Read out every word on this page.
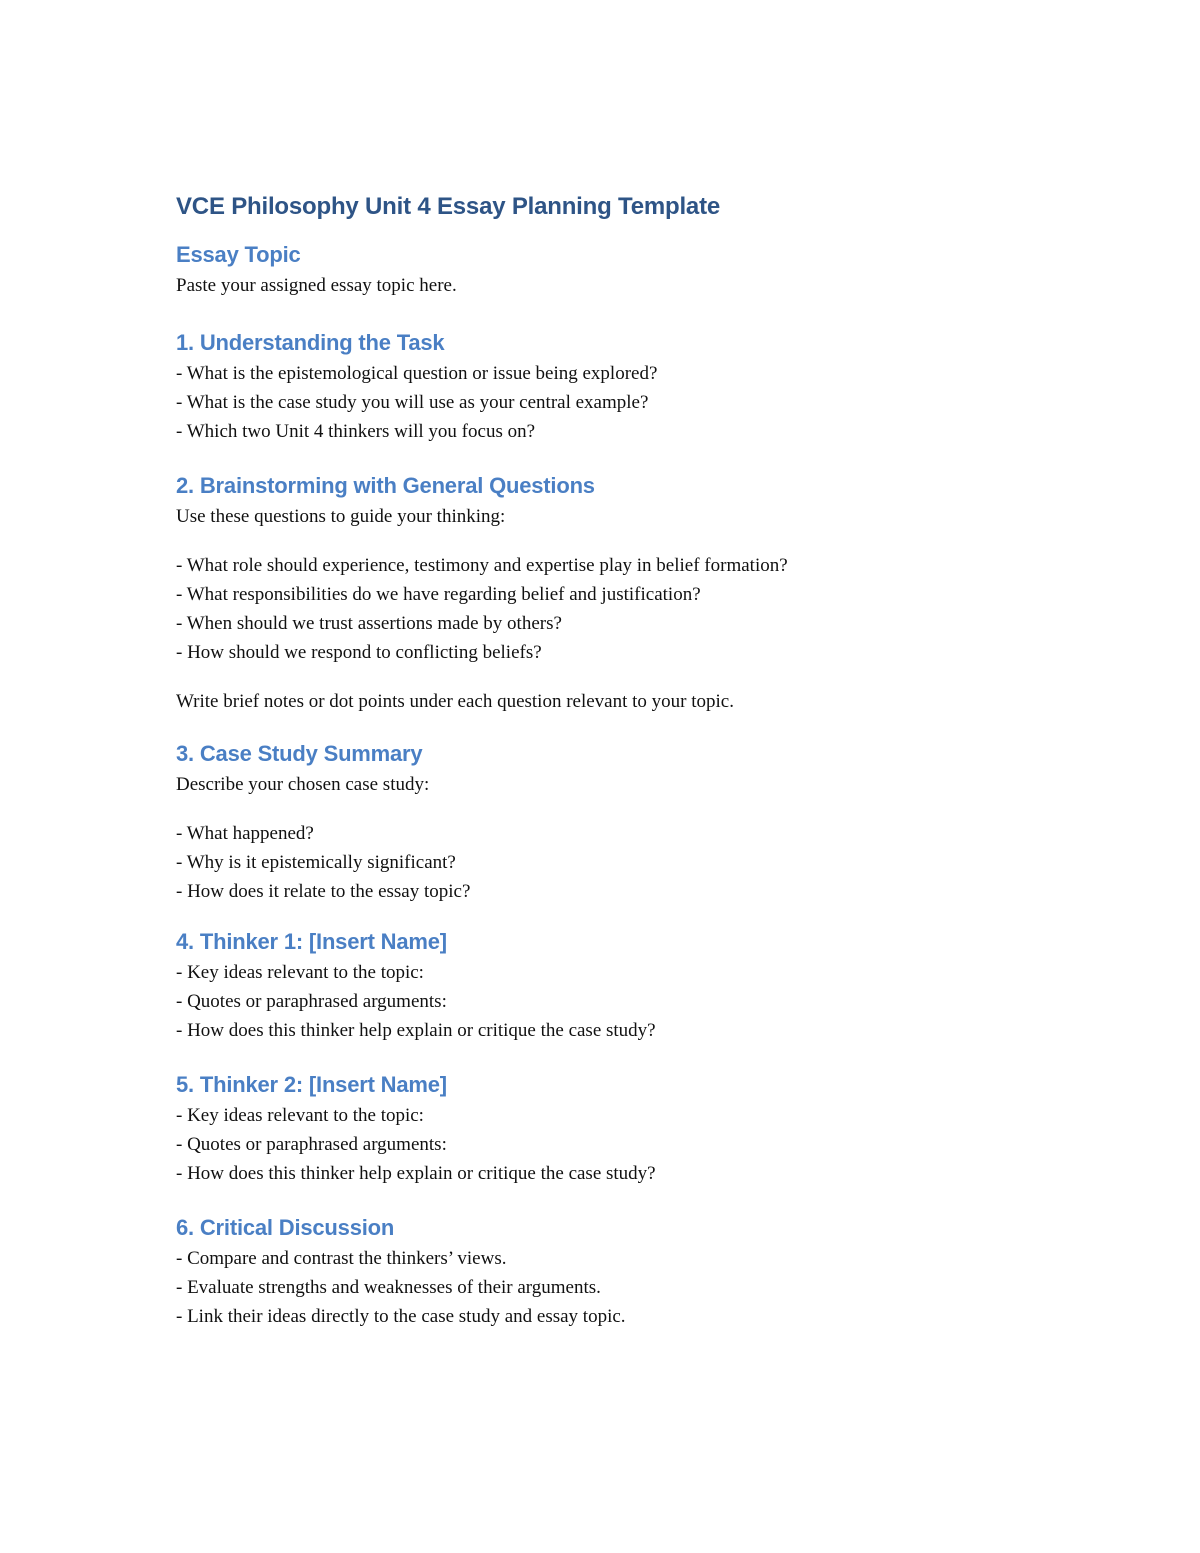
VCE Philosophy Unit 4 Essay Planning Template
Essay Topic

Paste your assigned essay topic here.

1. Understanding the Task
- What is the epistemological question or issue being explored?
- What is the case study you will use as your central example?
- Which two Unit 4 thinkers will you focus on?
2. Brainstorming with General Questions

Use these questions to guide your thinking:

- What role should experience, testimony and expertise play in belief formation?
- What responsibilities do we have regarding belief and justification?
- When should we trust assertions made by others?
- How should we respond to conflicting beliefs?

Write brief notes or dot points under each question relevant to your topic.

3. Case Study Summary

Describe your chosen case study:

- What happened?
- Why is it epistemically significant?
- How does it relate to the essay topic?
4. Thinker 1: [Insert Name]
- Key ideas relevant to the topic:
- Quotes or paraphrased arguments:
- How does this thinker help explain or critique the case study?
5. Thinker 2: [Insert Name]
- Key ideas relevant to the topic:
- Quotes or paraphrased arguments:
- How does this thinker help explain or critique the case study?
6. Critical Discussion
- Compare and contrast the thinkers’ views.
- Evaluate strengths and weaknesses of their arguments.
- Link their ideas directly to the case study and essay topic.
